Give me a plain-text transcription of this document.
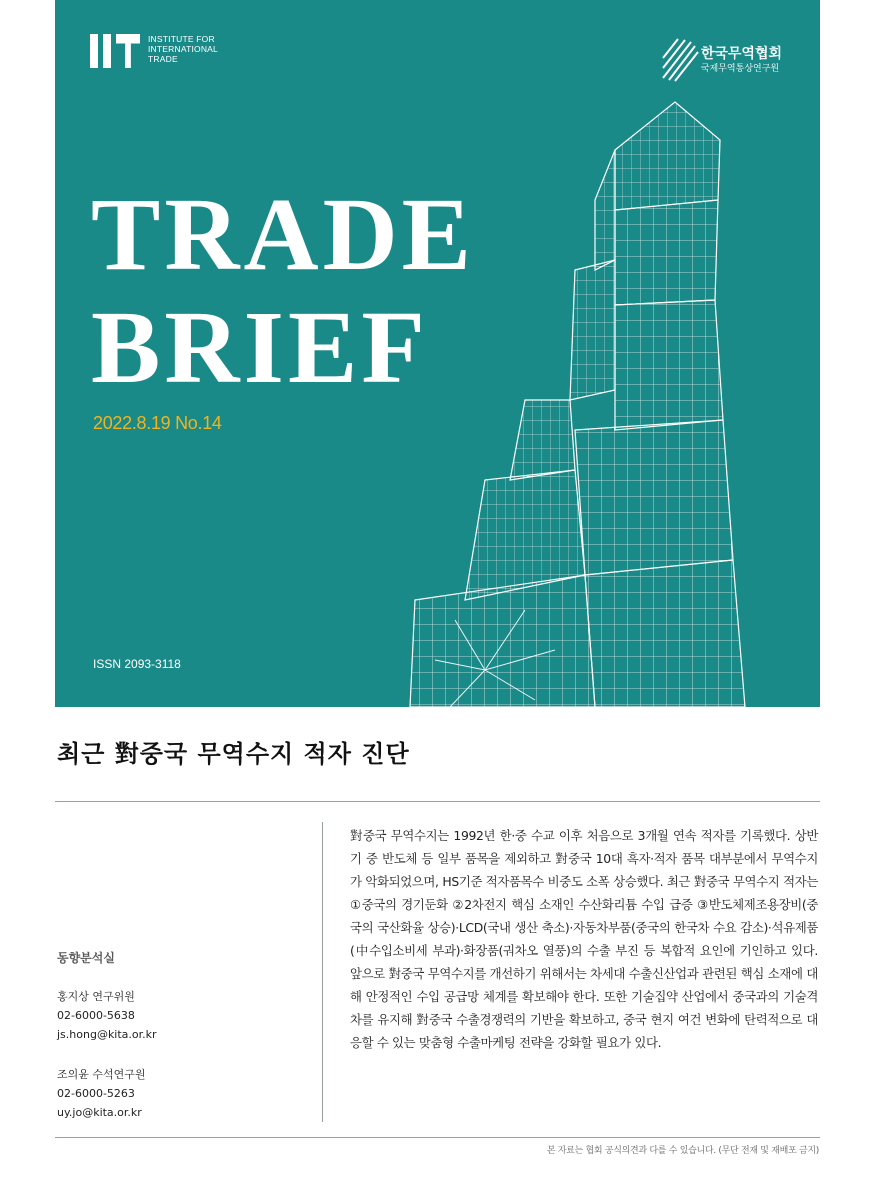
INSTITUTE FOR
INTERNATIONAL
TRADE	한국무역협회
국제무역통상연구원
TRADE
BRIEF
2022.8.19 No.14
ISSN 2093-3118
최근 對중국 무역수지 적자 진단
동향분석실
홍지상 연구위원
02-6000-5638
js.hong@kita.or.kr
조의윤 수석연구원
02-6000-5263
uy.jo@kita.or.kr
對중국 무역수지는 1992년 한·중 수교 이후 처음으로 3개월 연속 적자를 기록했다. 상반기 중 반도체 등 일부 품목을 제외하고 對중국 10대 흑자·적자 품목 대부분에서 무역수지가 악화되었으며, HS기준 적자품목수 비중도 소폭 상승했다. 최근 對중국 무역수지 적자는 ①중국의 경기둔화 ②2차전지 핵심 소재인 수산화리튬 수입 급증 ③반도체제조용장비(중국의 국산화율 상승)·LCD(국내 생산 축소)·자동차부품(중국의 한국차 수요 감소)·석유제품(中수입소비세 부과)·화장품(궈차오 열풍)의 수출 부진 등 복합적 요인에 기인하고 있다. 앞으로 對중국 무역수지를 개선하기 위해서는 차세대 수출신산업과 관련된 핵심 소재에 대해 안정적인 수입 공급망 체계를 확보해야 한다. 또한 기술집약 산업에서 중국과의 기술격차를 유지해 對중국 수출경쟁력의 기반을 확보하고, 중국 현지 여건 변화에 탄력적으로 대응할 수 있는 맞춤형 수출마케팅 전략을 강화할 필요가 있다.
본 자료는 협회 공식의견과 다를 수 있습니다. (무단 전재 및 재배포 금지)
